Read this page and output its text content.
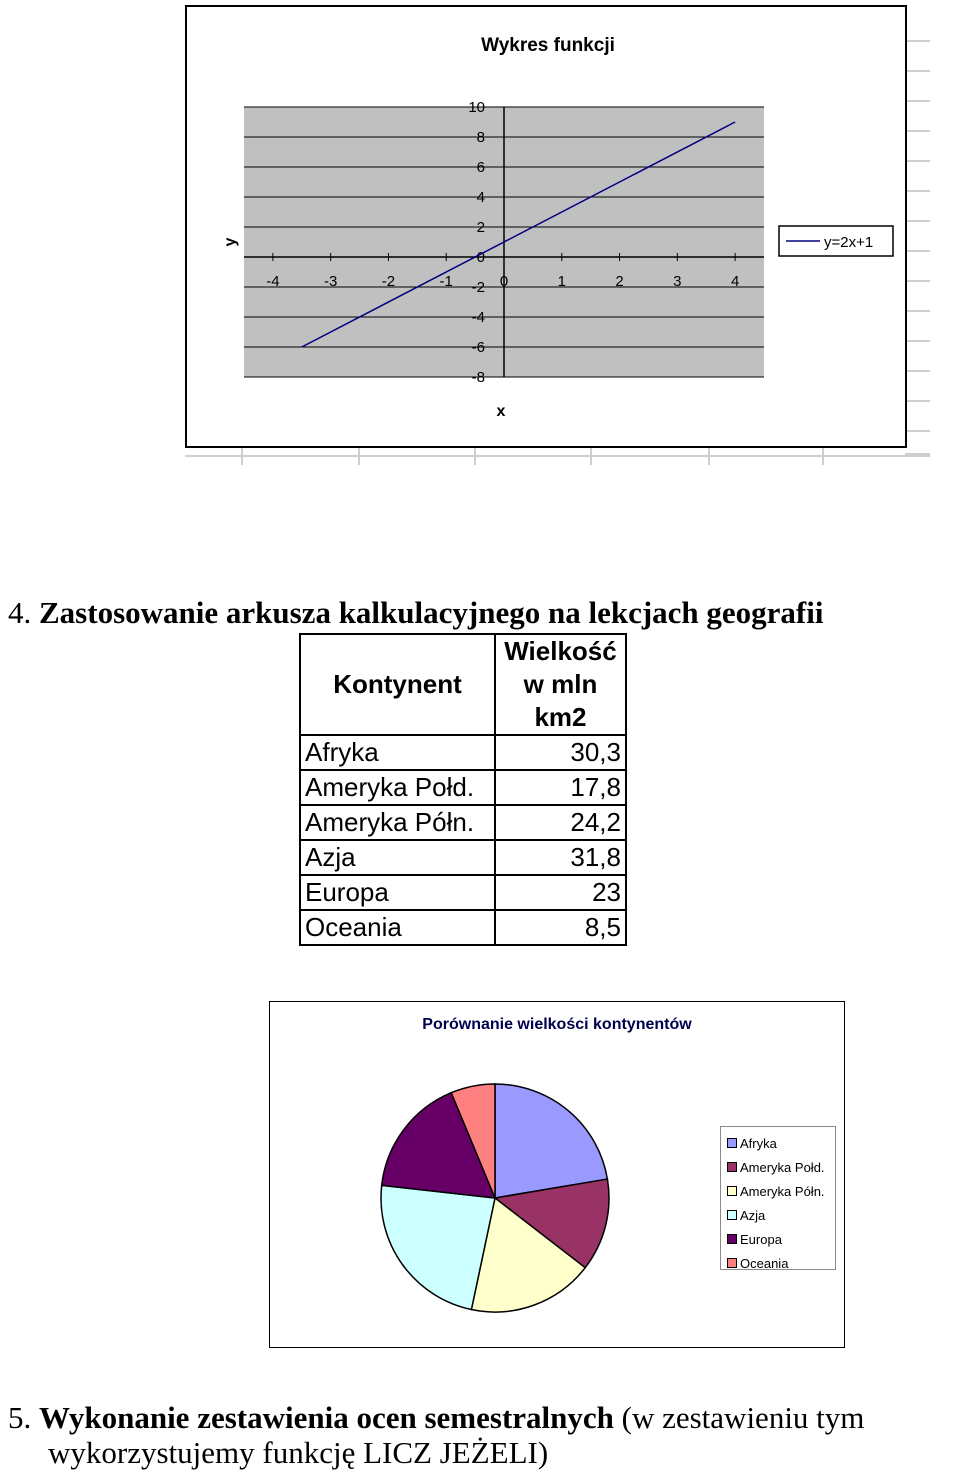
Wykres funkcji
-4	-3	-2	-1	0	1	2	3	4
10
8
6
4
2
0
-2
-4
-6
-8
y
x
y=2x+1
4. Zastosowanie arkusza kalkulacyjnego na lekcjach geografii
Kontynent	Wielkość
w mln
km2

Afryka	30,3
Ameryka Połd.	17,8
Ameryka Półn.	24,2
Azja	31,8
Europa	23
Oceania	8,5
Porównanie wielkości kontynentów
Afryka
Ameryka Połd.
Ameryka Półn.
Azja
Europa
Oceania
5. Wykonanie zestawienia ocen semestralnych (w zestawieniu tym
wykorzystujemy funkcję LICZ JEŻELI)
